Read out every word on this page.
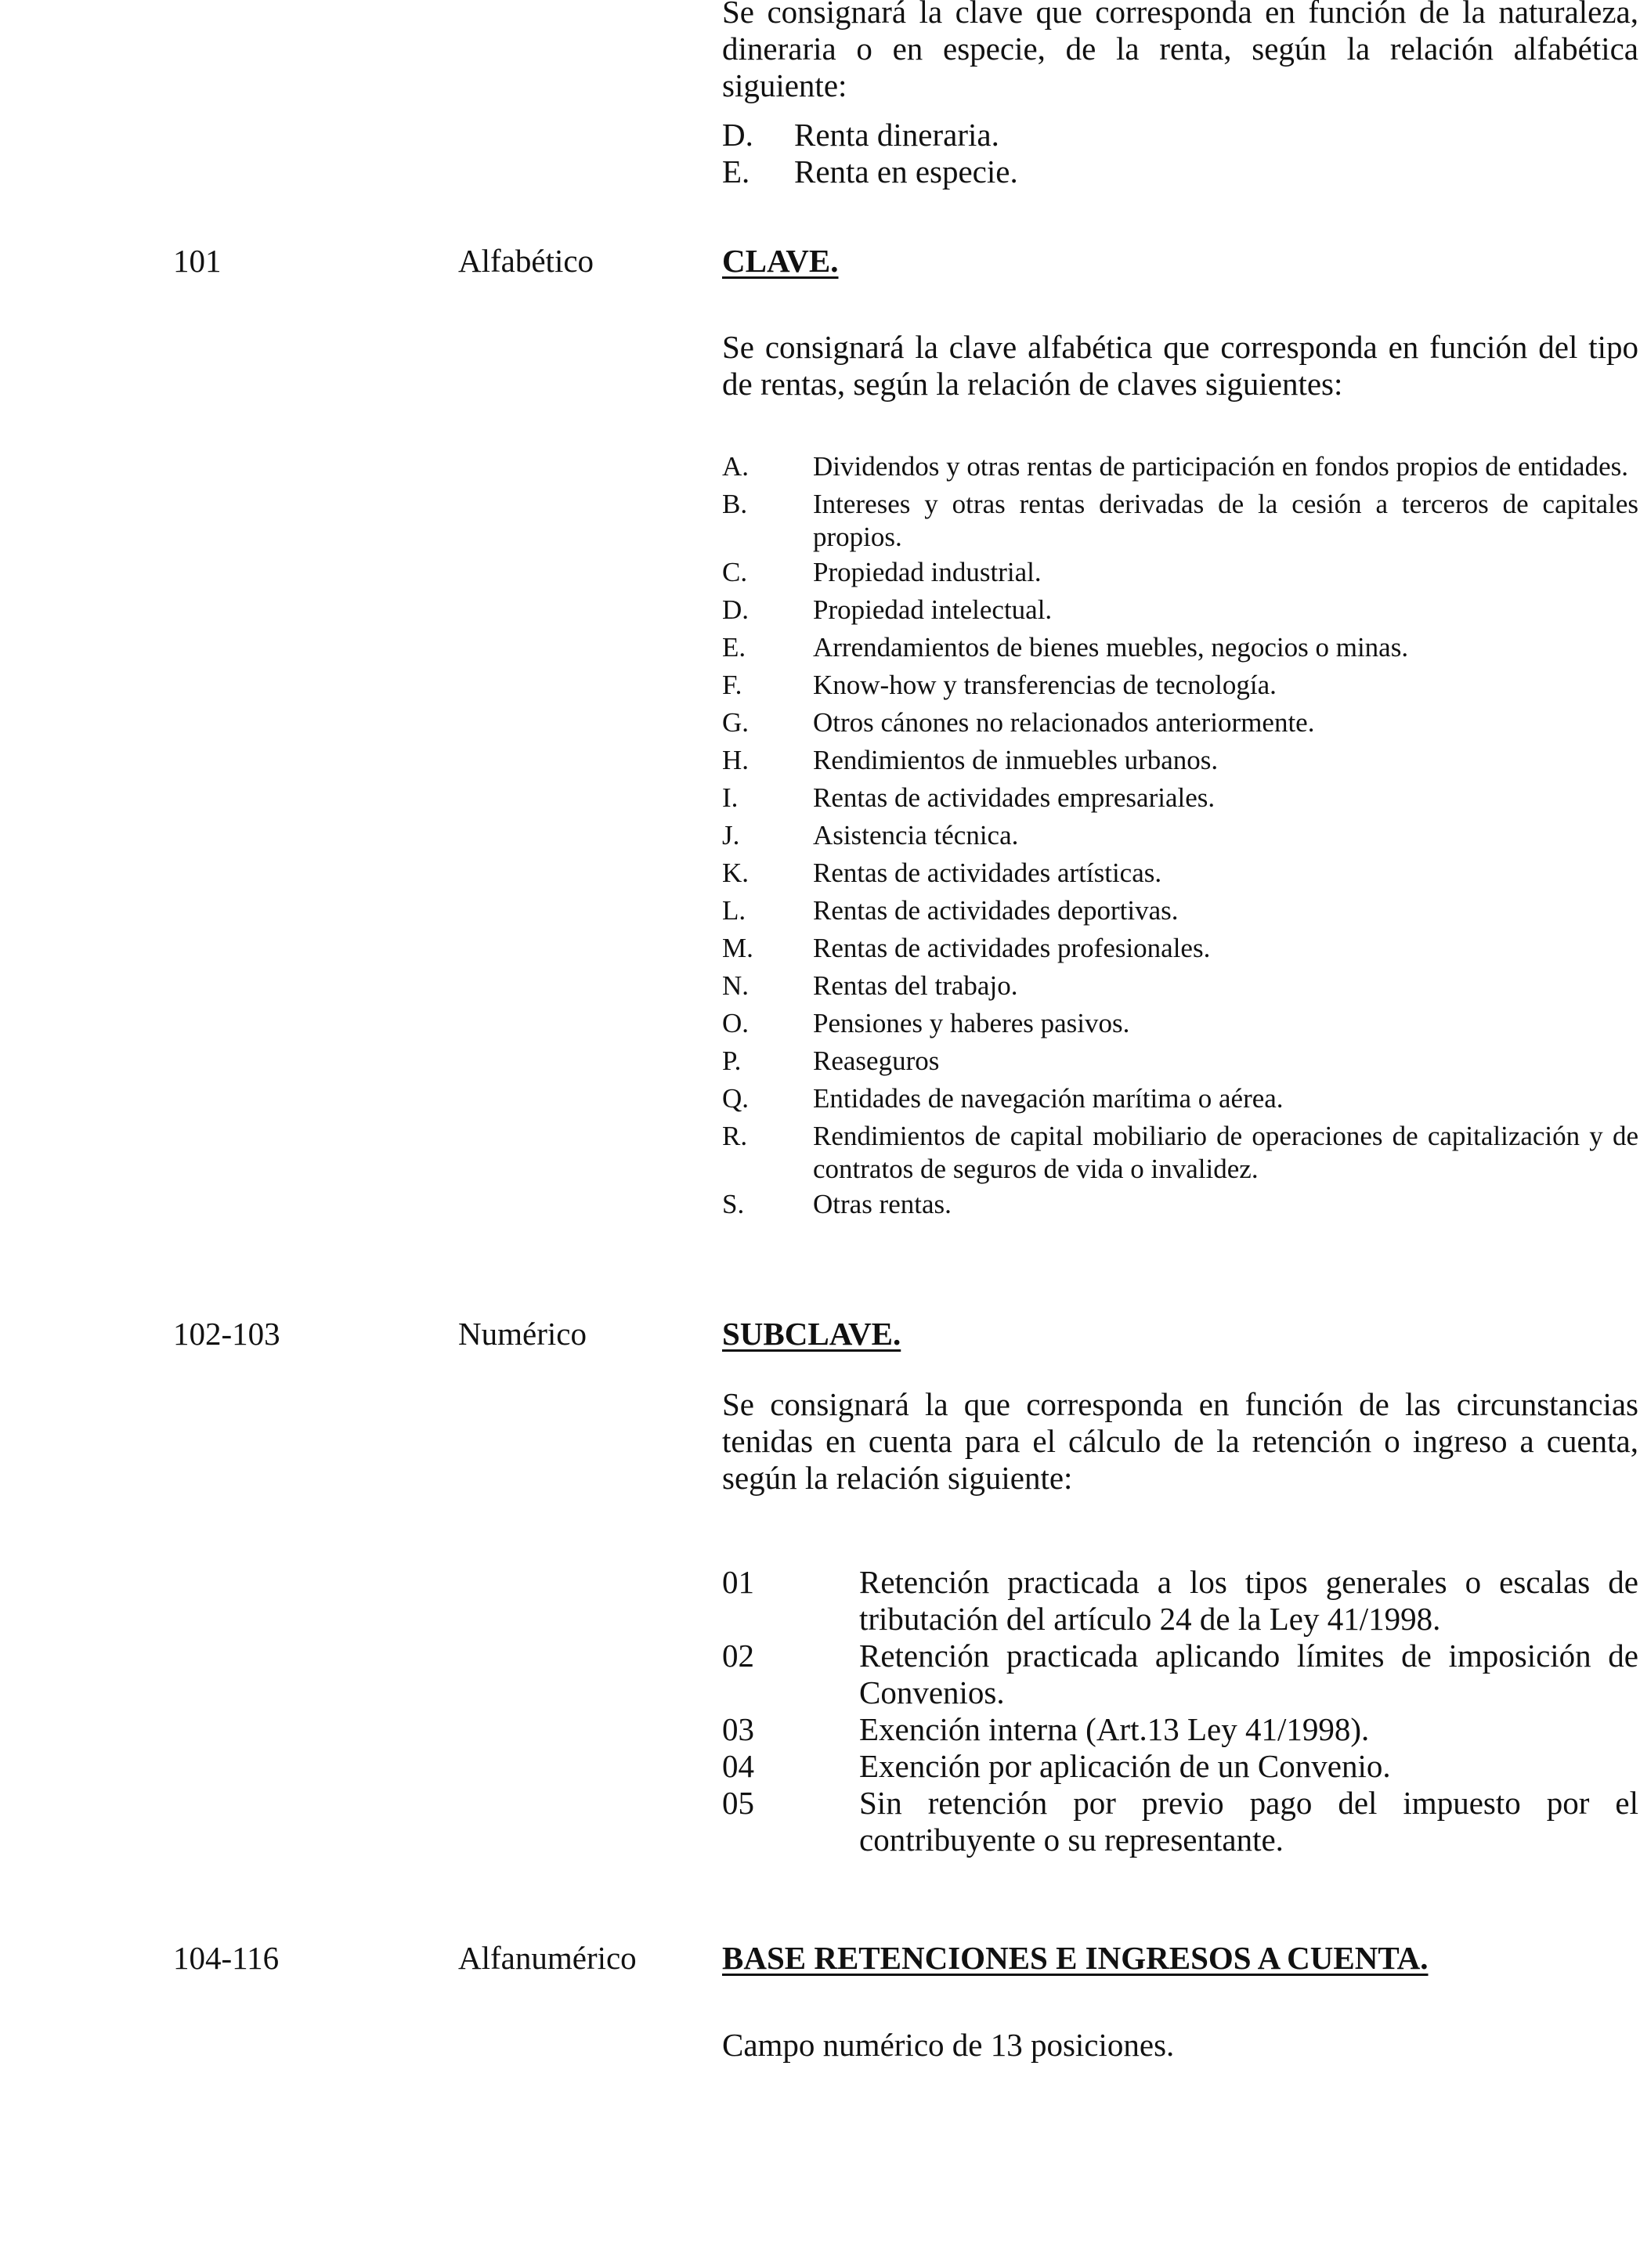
Se consignará la clave que corresponda en función de la naturaleza, dineraria o en especie, de la renta, según la relación alfabética siguiente:
D.	Renta dineraria.
E.	Renta en especie.
101	Alfabético	CLAVE.
Se consignará la clave alfabética que corresponda en función del tipo de rentas, según la relación de claves siguientes:
A.	Dividendos y otras rentas de participación en fondos propios de entidades.
B.	Intereses y otras rentas derivadas de la cesión a terceros de capitales propios.
C.	Propiedad industrial.
D.	Propiedad intelectual.
E.	Arrendamientos de bienes muebles, negocios o minas.
F.	Know-how y transferencias de tecnología.
G.	Otros cánones no relacionados anteriormente.
H.	Rendimientos de inmuebles urbanos.
I.	Rentas de actividades empresariales.
J.	Asistencia técnica.
K.	Rentas de actividades artísticas.
L.	Rentas de actividades deportivas.
M.	Rentas de actividades profesionales.
N.	Rentas del trabajo.
O.	Pensiones y haberes pasivos.
P.	Reaseguros
Q.	Entidades de navegación marítima o aérea.
R.	Rendimientos de capital mobiliario de operaciones de capitalización y de contratos de seguros de vida o invalidez.
S.	Otras rentas.
102-103	Numérico	SUBCLAVE.
Se consignará la que corresponda en función de las circunstancias tenidas en cuenta para el cálculo de la retención o ingreso a cuenta, según la relación siguiente:
01	Retención practicada a los tipos generales o escalas de tributación del artículo 24 de la Ley 41/1998.
02	Retención practicada aplicando límites de imposición de Convenios.
03	Exención interna (Art.13 Ley 41/1998).
04	Exención por aplicación de un Convenio.
05	Sin retención por previo pago del impuesto por el contribuyente o su representante.
104-116	Alfanumérico	BASE RETENCIONES E INGRESOS A CUENTA.
Campo numérico de 13 posiciones.
